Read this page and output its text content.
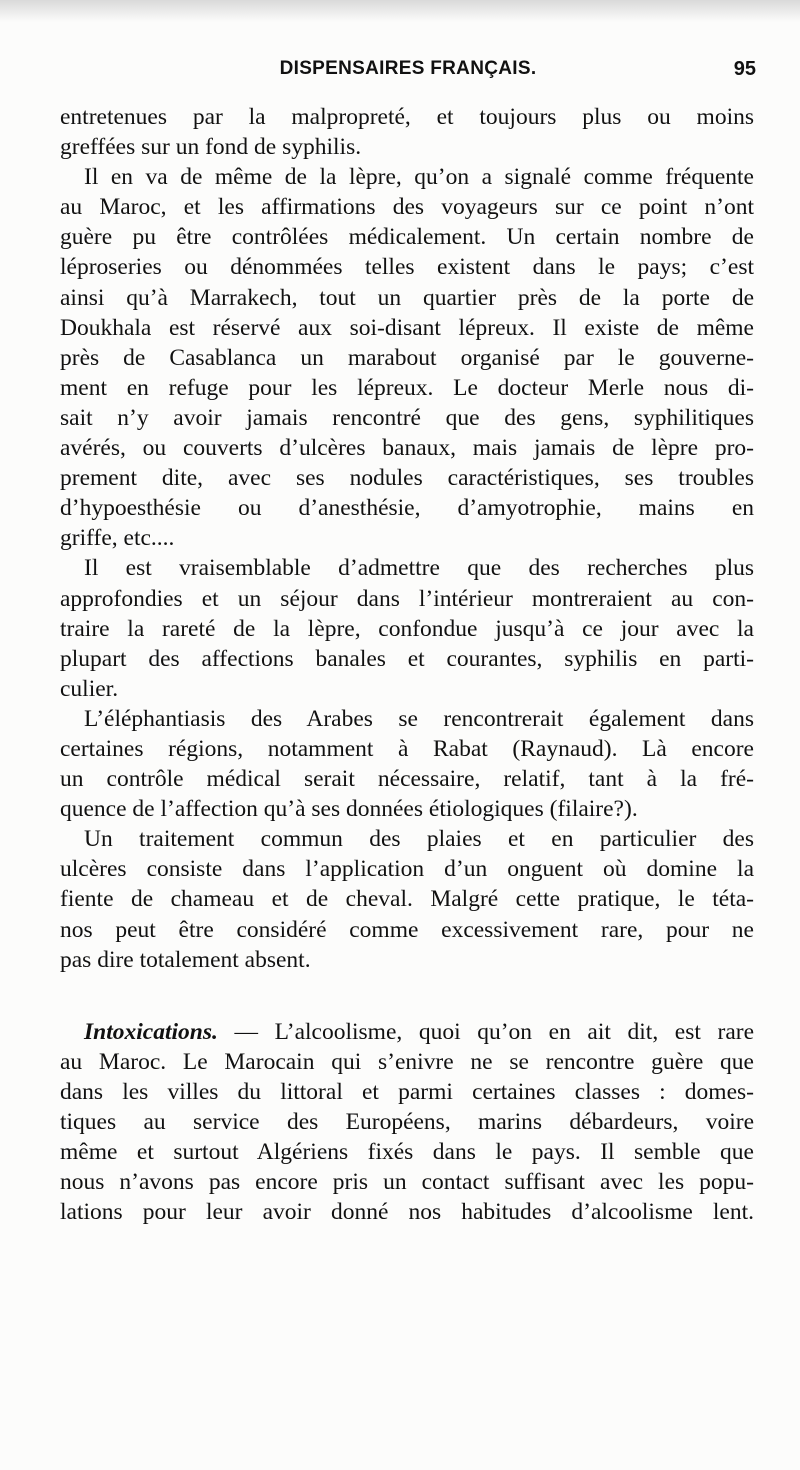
DISPENSAIRES FRANÇAIS.	95
entretenues par la malpropreté, et toujours plus ou moins
greffées sur un fond de syphilis.
Il en va de même de la lèpre, qu’on a signalé comme fréquente
au Maroc, et les affirmations des voyageurs sur ce point n’ont
guère pu être contrôlées médicalement. Un certain nombre de
léproseries ou dénommées telles existent dans le pays; c’est
ainsi qu’à Marrakech, tout un quartier près de la porte de
Doukhala est réservé aux soi-disant lépreux. Il existe de même
près de Casablanca un marabout organisé par le gouverne-
ment en refuge pour les lépreux. Le docteur Merle nous di-
sait n’y avoir jamais rencontré que des gens, syphilitiques
avérés, ou couverts d’ulcères banaux, mais jamais de lèpre pro-
prement dite, avec ses nodules caractéristiques, ses troubles
d’hypoesthésie ou d’anesthésie, d’amyotrophie, mains en
griffe, etc....
Il est vraisemblable d’admettre que des recherches plus
approfondies et un séjour dans l’intérieur montreraient au con-
traire la rareté de la lèpre, confondue jusqu’à ce jour avec la
plupart des affections banales et courantes, syphilis en parti-
culier.
L’éléphantiasis des Arabes se rencontrerait également dans
certaines régions, notamment à Rabat (Raynaud). Là encore
un contrôle médical serait nécessaire, relatif, tant à la fré-
quence de l’affection qu’à ses données étiologiques (filaire?).
Un traitement commun des plaies et en particulier des
ulcères consiste dans l’application d’un onguent où domine la
fiente de chameau et de cheval. Malgré cette pratique, le téta-
nos peut être considéré comme excessivement rare, pour ne
pas dire totalement absent.
Intoxications. — L’alcoolisme, quoi qu’on en ait dit, est rare
au Maroc. Le Marocain qui s’enivre ne se rencontre guère que
dans les villes du littoral et parmi certaines classes : domes-
tiques au service des Européens, marins débardeurs, voire
même et surtout Algériens fixés dans le pays. Il semble que
nous n’avons pas encore pris un contact suffisant avec les popu-
lations pour leur avoir donné nos habitudes d’alcoolisme lent.
